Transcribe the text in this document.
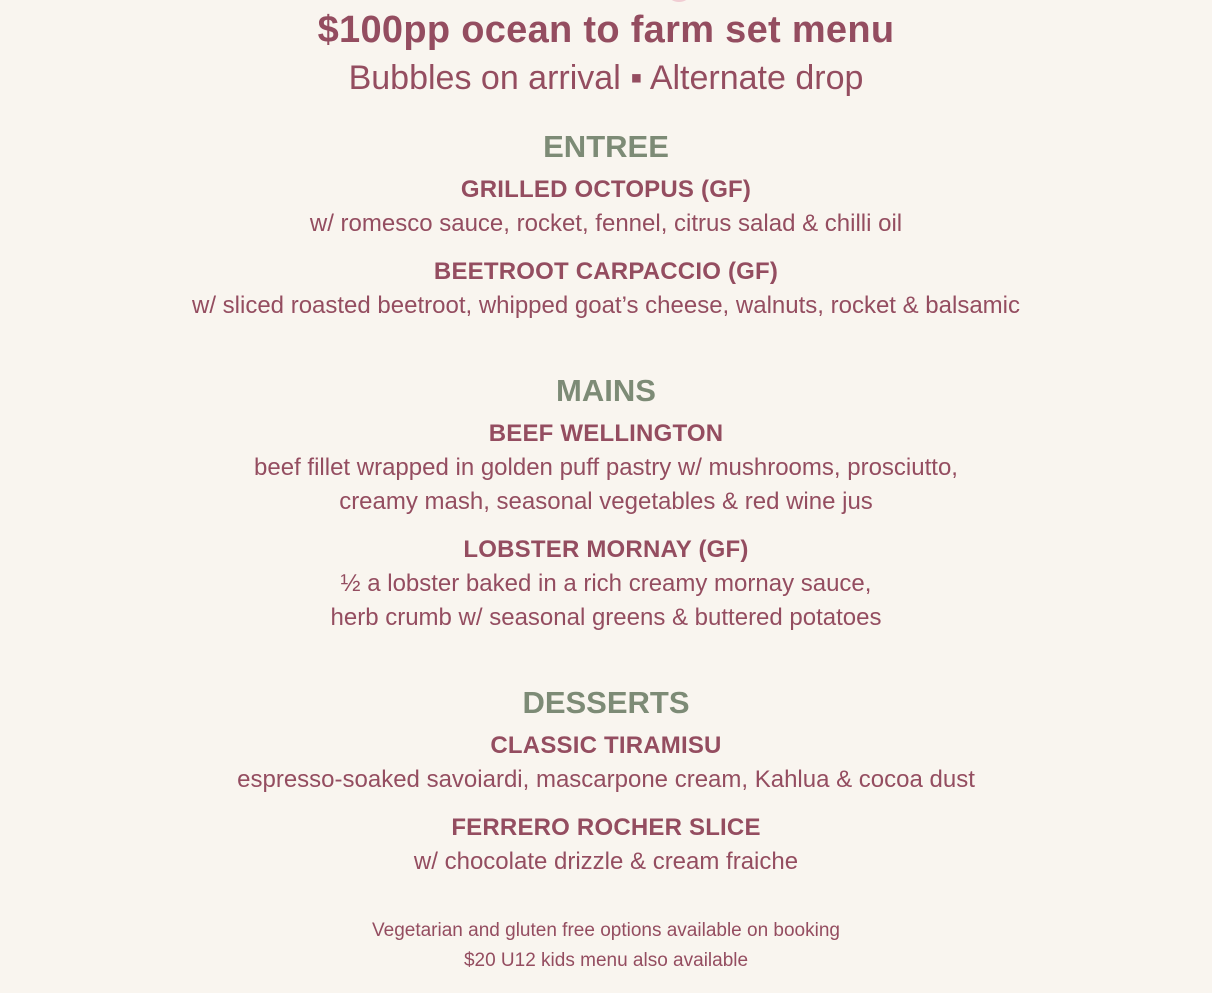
$100pp ocean to farm set menu
Bubbles on arrival ▪ Alternate drop
ENTREE
GRILLED OCTOPUS (GF)
w/ romesco sauce, rocket, fennel, citrus salad & chilli oil
BEETROOT CARPACCIO (GF)
w/ sliced roasted beetroot, whipped goat’s cheese, walnuts, rocket & balsamic
MAINS
BEEF WELLINGTON
beef fillet wrapped in golden puff pastry w/ mushrooms, prosciutto,
creamy mash, seasonal vegetables & red wine jus
LOBSTER MORNAY (GF)
½ a lobster baked in a rich creamy mornay sauce,
herb crumb w/ seasonal greens & buttered potatoes
DESSERTS
CLASSIC TIRAMISU
espresso-soaked savoiardi, mascarpone cream, Kahlua & cocoa dust
FERRERO ROCHER SLICE
w/ chocolate drizzle & cream fraiche
Vegetarian and gluten free options available on booking
$20 U12 kids menu also available
